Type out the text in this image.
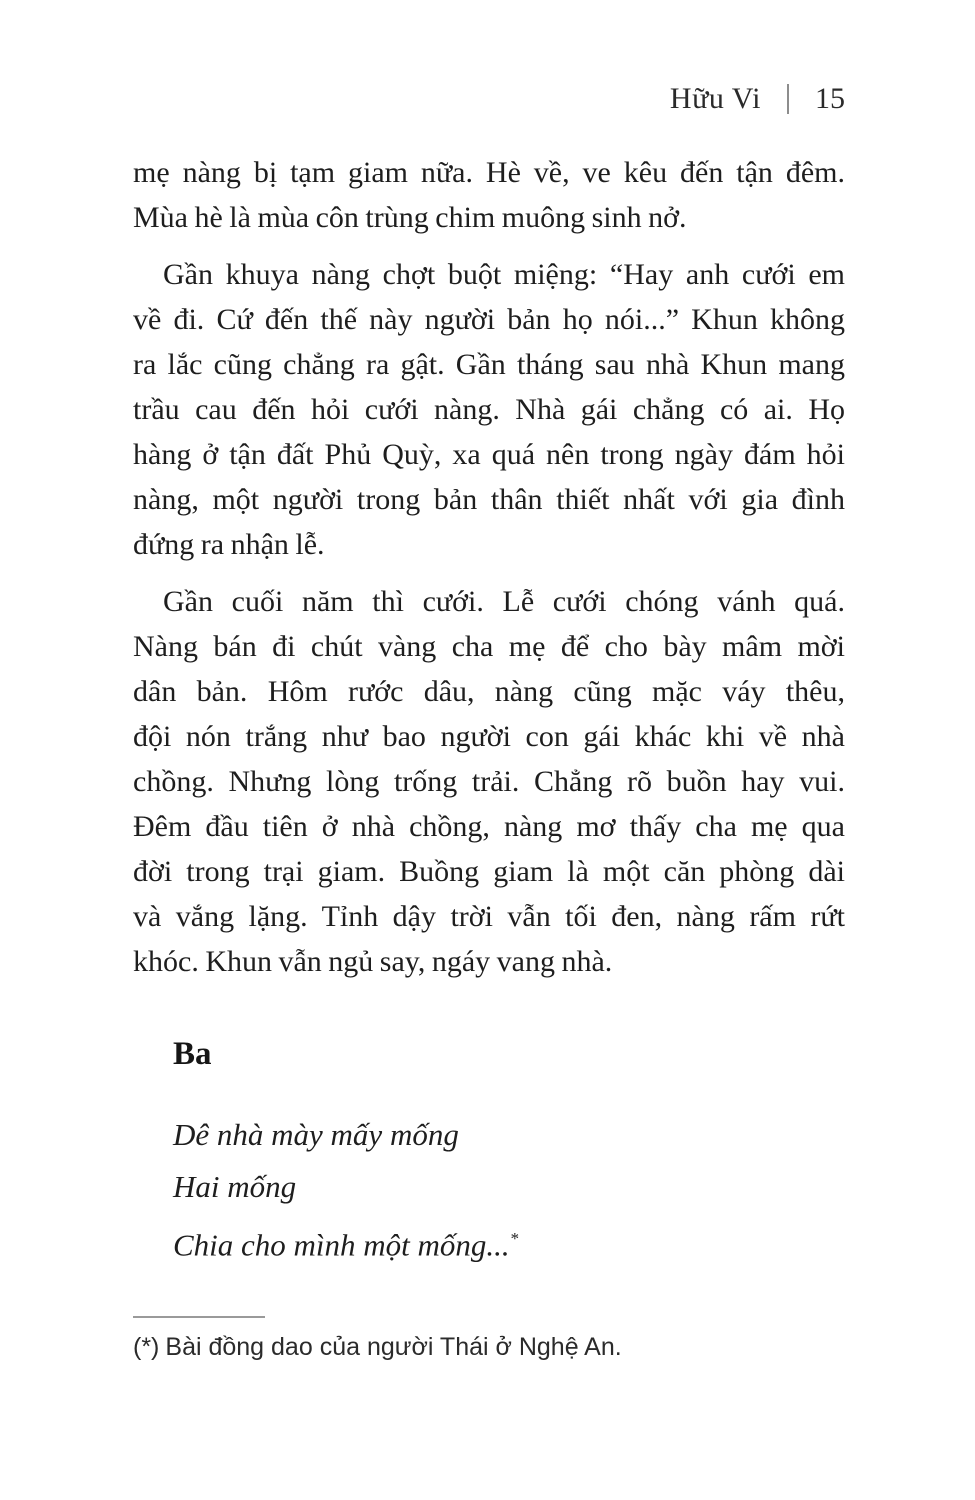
Hữu Vi 15
mẹ nàng bị tạm giam nữa. Hè về, ve kêu đến tận đêm.
Mùa hè là mùa côn trùng chim muông sinh nở.
Gần khuya nàng chợt buột miệng: “Hay anh cưới em
về đi. Cứ đến thế này người bản họ nói...” Khun không
ra lắc cũng chẳng ra gật. Gần tháng sau nhà Khun mang
trầu cau đến hỏi cưới nàng. Nhà gái chẳng có ai. Họ
hàng ở tận đất Phủ Quỳ, xa quá nên trong ngày đám hỏi
nàng, một người trong bản thân thiết nhất với gia đình
đứng ra nhận lễ.
Gần cuối năm thì cưới. Lễ cưới chóng vánh quá.
Nàng bán đi chút vàng cha mẹ để cho bày mâm mời
dân bản. Hôm rước dâu, nàng cũng mặc váy thêu,
đội nón trắng như bao người con gái khác khi về nhà
chồng. Nhưng lòng trống trải. Chẳng rõ buồn hay vui.
Đêm đầu tiên ở nhà chồng, nàng mơ thấy cha mẹ qua
đời trong trại giam. Buồng giam là một căn phòng dài
và vắng lặng. Tỉnh dậy trời vẫn tối đen, nàng rấm rứt
khóc. Khun vẫn ngủ say, ngáy vang nhà.
Ba
Dê nhà mày mấy mống
Hai mống
Chia cho mình một mống...*
(*) Bài đồng dao của người Thái ở Nghệ An.
